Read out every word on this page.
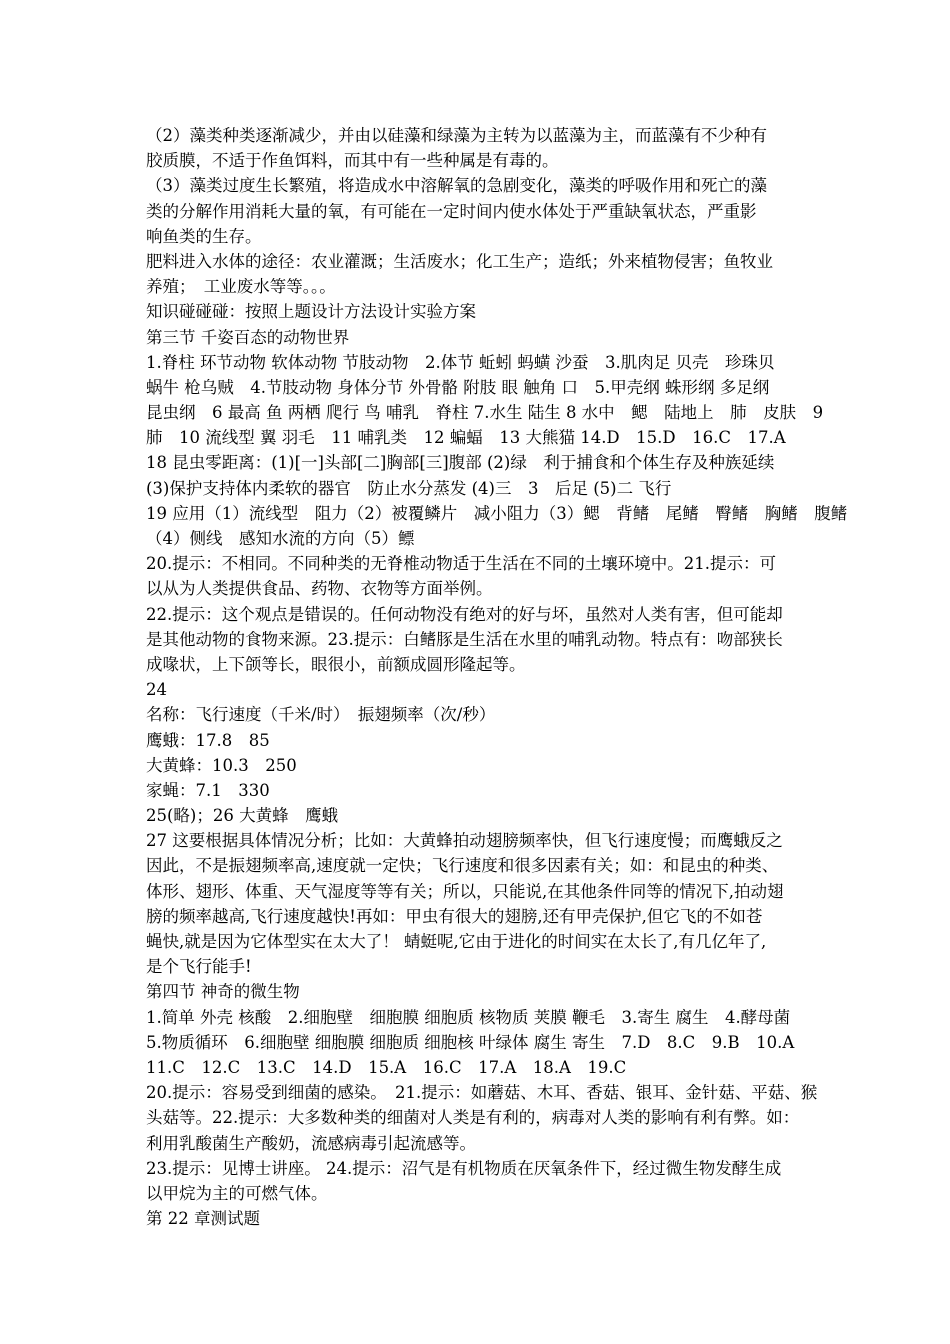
（2）藻类种类逐渐减少，并由以硅藻和绿藻为主转为以蓝藻为主，而蓝藻有不少种有
胶质膜，不适于作鱼饵料，而其中有一些种属是有毒的。
（3）藻类过度生长繁殖，将造成水中溶解氧的急剧变化，藻类的呼吸作用和死亡的藻
类的分解作用消耗大量的氧，有可能在一定时间内使水体处于严重缺氧状态，严重影
响鱼类的生存。
肥料进入水体的途径：农业灌溉；生活废水；化工生产；造纸；外来植物侵害；鱼牧业
养殖；　工业废水等等。。。
知识碰碰碰：按照上题设计方法设计实验方案
第三节 千姿百态的动物世界
1.脊柱 环节动物 软体动物 节肢动物　2.体节 蚯蚓 蚂蟥 沙蚕　3.肌肉足 贝壳　珍珠贝
蜗牛 枪乌贼　4.节肢动物 身体分节 外骨骼 附肢 眼 触角 口　5.甲壳纲 蛛形纲 多足纲
昆虫纲　6 最高 鱼 两栖 爬行 鸟 哺乳　脊柱 7.水生 陆生 8 水中　鳃　陆地上　肺　皮肤　9
肺　10 流线型 翼 羽毛　11 哺乳类　12 蝙蝠　13 大熊猫 14.D　15.D　16.C　17.A
18 昆虫零距离：(1)[一]头部[二]胸部[三]腹部 (2)绿　利于捕食和个体生存及种族延续
(3)保护支持体内柔软的器官　防止水分蒸发 (4)三　3　后足 (5)二 飞行
19 应用（1）流线型　阻力（2）被覆鳞片　减小阻力（3）鳃　背鳍　尾鳍　臀鳍　胸鳍　腹鳍
（4）侧线　感知水流的方向（5）鳔
20.提示：不相同。不同种类的无脊椎动物适于生活在不同的土壤环境中。21.提示：可
以从为人类提供食品、药物、衣物等方面举例。
22.提示：这个观点是错误的。任何动物没有绝对的好与坏，虽然对人类有害，但可能却
是其他动物的食物来源。23.提示：白鳍豚是生活在水里的哺乳动物。特点有：吻部狭长
成喙状，上下颌等长，眼很小，前额成圆形隆起等。
24
名称：飞行速度（千米/时）　振翅频率（次/秒）
鹰蛾：17.8　85
大黄蜂：10.3　250
家蝇：7.1　330
25(略)；26 大黄蜂　鹰蛾
27 这要根据具体情况分析；比如：大黄蜂拍动翅膀频率快，但飞行速度慢；而鹰蛾反之
因此，不是振翅频率高,速度就一定快；飞行速度和很多因素有关；如：和昆虫的种类、
体形、翅形、体重、天气湿度等等有关；所以，只能说,在其他条件同等的情况下,拍动翅
膀的频率越高,飞行速度越快!再如：甲虫有很大的翅膀,还有甲壳保护,但它飞的不如苍
蝇快,就是因为它体型实在太大了！ 蜻蜓呢,它由于进化的时间实在太长了,有几亿年了,
是个飞行能手!
第四节 神奇的微生物
1.简单 外壳 核酸　2.细胞壁　细胞膜 细胞质 核物质 荚膜 鞭毛　3.寄生 腐生　4.酵母菌
5.物质循环　6.细胞壁 细胞膜 细胞质 细胞核 叶绿体 腐生 寄生　7.D　8.C　9.B　10.A
11.C　12.C　13.C　14.D　15.A　16.C　17.A　18.A　19.C
20.提示：容易受到细菌的感染。　21.提示：如蘑菇、木耳、香菇、银耳、金针菇、平菇、猴
头菇等。22.提示：大多数种类的细菌对人类是有利的，病毒对人类的影响有利有弊。如：
利用乳酸菌生产酸奶，流感病毒引起流感等。
23.提示：见博士讲座。 24.提示：沼气是有机物质在厌氧条件下，经过微生物发酵生成
以甲烷为主的可燃气体。
第 22 章测试题
